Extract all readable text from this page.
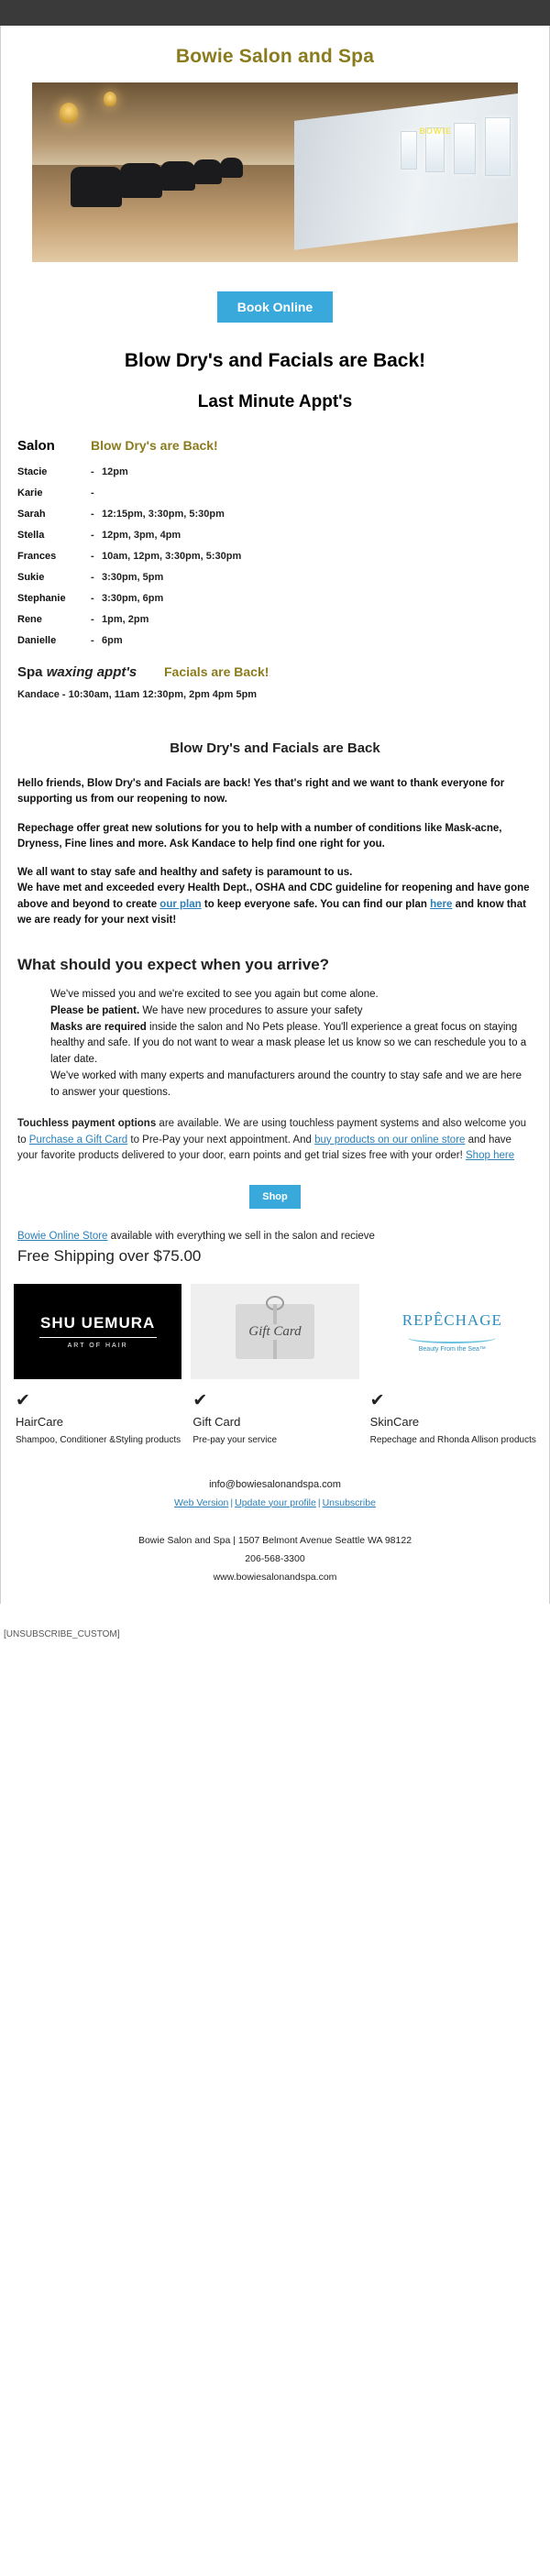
Bowie Salon and Spa
BOWIE
Book Online
Blow Dry's and Facials are Back!
Last Minute Appt's
Salon	Blow Dry's are Back!
Stacie	- 12pm
Karie	-
Sarah	- 12:15pm, 3:30pm, 5:30pm
Stella	- 12pm, 3pm, 4pm
Frances	- 10am, 12pm, 3:30pm, 5:30pm
Sukie	- 3:30pm, 5pm
Stephanie	- 3:30pm, 6pm
Rene	- 1pm, 2pm
Danielle	- 6pm
Spa waxing appt's	Facials are Back!
Kandace - 10:30am, 11am 12:30pm, 2pm 4pm 5pm
Blow Dry's and Facials are Back

Hello friends, Blow Dry's and Facials are back! Yes that's right and we want to thank everyone for supporting us from our reopening to now.

Repechage offer great new solutions for you to help with a number of conditions like Mask-acne, Dryness, Fine lines and more. Ask Kandace to help find one right for you.

We all want to stay safe and healthy and safety is paramount to us.
We have met and exceeded every Health Dept., OSHA and CDC guideline for reopening and have gone above and beyond to create our plan to keep everyone safe. You can find our plan here and know that we are ready for your next visit!

What should you expect when you arrive?

We've missed you and we're excited to see you again but come alone.
Please be patient. We have new procedures to assure your safety
Masks are required inside the salon and No Pets please. You'll experience a great focus on staying healthy and safe. If you do not want to wear a mask please let us know so we can reschedule you to a later date.
We've worked with many experts and manufacturers around the country to stay safe and we are here to answer your questions.

Touchless payment options are available. We are using touchless payment systems and also welcome you to Purchase a Gift Card to Pre-Pay your next appointment. And buy products on our online store and have your favorite products delivered to your door, earn points and get trial sizes free with your order! Shop here
Shop
Bowie Online Store available with everything we sell in the salon and recieve
Free Shipping over $75.00
SHU UEMURA
ART OF HAIR
✔
HairCare

Shampoo, Conditioner &Styling products

Gift Card
✔
Gift Card

Pre-pay your service

REPÊCHAGE
Beauty From the Sea™
✔
SkinCare

Repechage and Rhonda Allison products

info@bowiesalonandspa.com
Web Version | Update your profile | Unsubscribe
Bowie Salon and Spa | 1507 Belmont Avenue Seattle WA 98122
206-568-3300
www.bowiesalonandspa.com
[UNSUBSCRIBE_CUSTOM]
